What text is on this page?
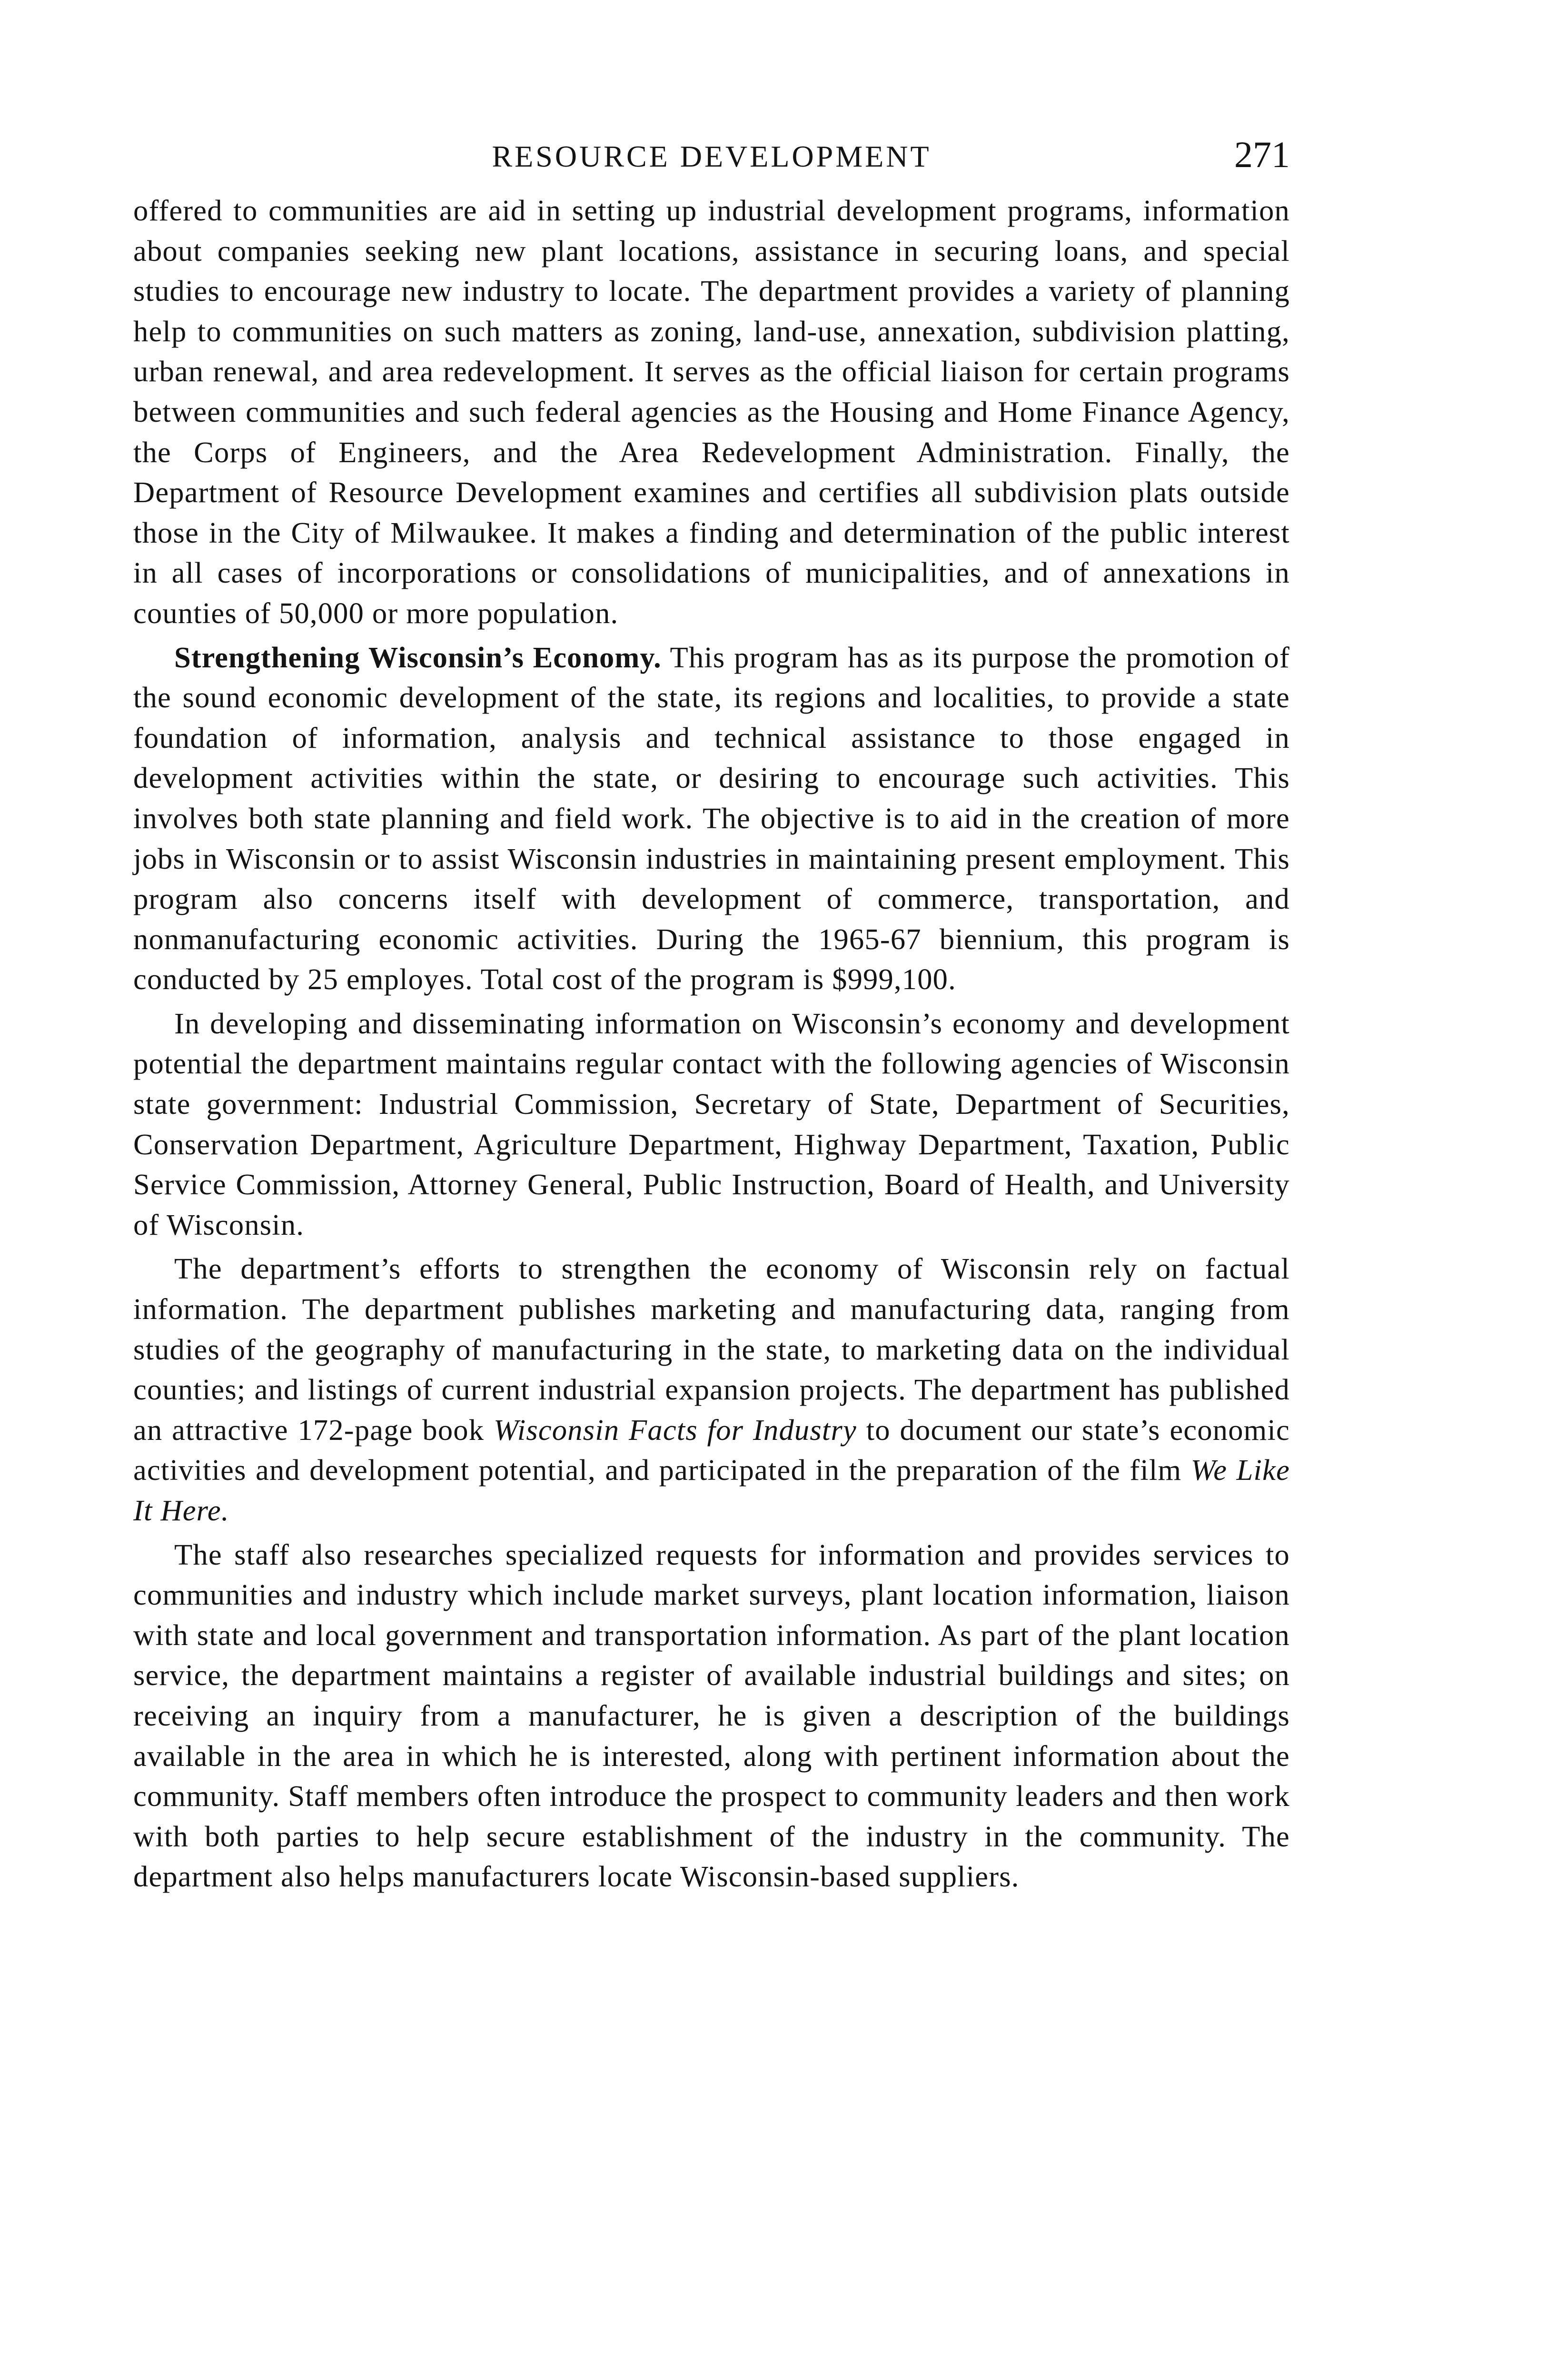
RESOURCE DEVELOPMENT	271

offered to communities are aid in setting up industrial development programs, information about companies seeking new plant locations, assistance in securing loans, and special studies to encourage new industry to locate. The department provides a variety of planning help to communities on such matters as zoning, land-use, annexation, subdivision platting, urban renewal, and area redevelopment. It serves as the official liaison for certain programs between communities and such federal agencies as the Housing and Home Finance Agency, the Corps of Engineers, and the Area Redevelopment Administration. Finally, the Department of Resource Development examines and certifies all subdivision plats outside those in the City of Milwaukee. It makes a finding and determination of the public interest in all cases of incorporations or consolidations of municipalities, and of annexations in counties of 50,000 or more population.

Strengthening Wisconsin’s Economy. This program has as its purpose the promotion of the sound economic development of the state, its regions and localities, to provide a state foundation of information, analysis and technical assistance to those engaged in development activities within the state, or desiring to encourage such activities. This involves both state planning and field work. The objective is to aid in the creation of more jobs in Wisconsin or to assist Wisconsin industries in maintaining present employment. This program also concerns itself with development of commerce, transportation, and nonmanufacturing economic activities. During the 1965-67 biennium, this program is conducted by 25 employes. Total cost of the program is $999,100.

In developing and disseminating information on Wisconsin’s economy and development potential the department maintains regular contact with the following agencies of Wisconsin state government: Industrial Commission, Secretary of State, Department of Securities, Conservation Department, Agriculture Department, Highway Department, Taxation, Public Service Commission, Attorney General, Public Instruction, Board of Health, and University of Wisconsin.

The department’s efforts to strengthen the economy of Wisconsin rely on factual information. The department publishes marketing and manufacturing data, ranging from studies of the geography of manufacturing in the state, to marketing data on the individual counties; and listings of current industrial expansion projects. The department has published an attractive 172-page book Wisconsin Facts for Industry to document our state’s economic activities and development potential, and participated in the preparation of the film We Like It Here.

The staff also researches specialized requests for information and provides services to communities and industry which include market surveys, plant location information, liaison with state and local government and transportation information. As part of the plant location service, the department maintains a register of available industrial buildings and sites; on receiving an inquiry from a manufacturer, he is given a description of the buildings available in the area in which he is interested, along with pertinent information about the community. Staff members often introduce the prospect to community leaders and then work with both parties to help secure establishment of the industry in the community. The department also helps manufacturers locate Wisconsin-based suppliers.
